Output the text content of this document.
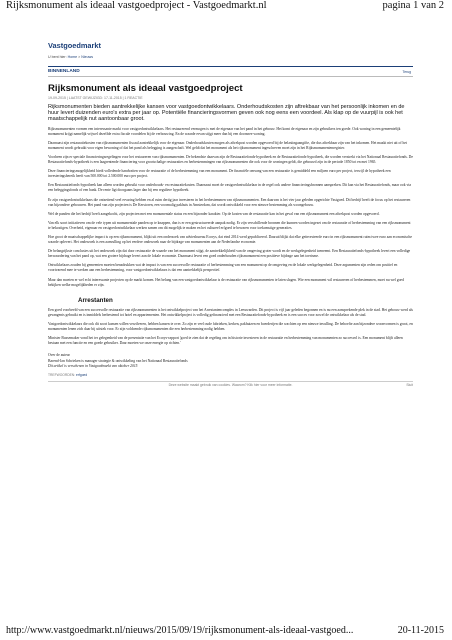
Rijksmonument als ideaal vastgoedproject - Vastgoedmarkt.nl	pagina 1 van 2
Vastgoedmarkt
U bent hier: Home > Nieuws
BINNENLAND	Terug
Rijksmonument als ideaal vastgoedproject
19-09-2015 | LAATST GEWIJZIGD: 17-11-2015 | 1 REACTIE
Rijksmonumenten bieden aantrekkelijke kansen voor vastgoedontwikkelaars. Onderhoudskosten zijn aftrekbaar van het persoonlijk inkomen en de huur levert duizenden euro's extra per jaar op. Potentiële financieringsvormen geven ook nog eens een voordeel. Als klap op de vuurpijl is ook het maatschappelijk nut aantoonbaar groot.

Rijksmonumenten vormen een interessante markt voor vastgoedontwikkelaars. Het restaurerend vermogen is met de eigenaar van het pand in het gebouw. Het komt de eigenaar en zijn gebruikers ten goede. Ook woning in een gemeentelijk monument krijgt namelijk vrijwel dezelfde extra fiscale voordelen bij de verbouwing. En de waarde ervan stijgt meer dan bij een doorsnee woning.

Daarnaast zijn restauratiekosten van rijksmonumenten fiscaal aantrekkelijk voor de eigenaar. Onderhoudskosten mogen als aftrekpost worden opgevoerd bij de belastingaangifte, die dus aftrekbaar zijn van het inkomen. Het maakt niet uit of het monument wordt gebruikt voor eigen bewoning of dat het pand als belegging is aangeschaft. Wel geldt dat het monument als het rijksmonument ingeschreven moet zijn in het Rijksmonumentenregister.

Voorheen zijn er speciale financieringsregelingen voor het restaureren van rijksmonumenten. De bekendste daarvan zijn de Restauratiefonds-hypotheek en de Restauratiefonds-hypotheek, die worden verstrekt via het Nationaal Restauratiefonds. De Restauratiefonds-hypotheek is een laagrentende financiering voor grootschalige restauraties en herbestemmingen van rijksmonumenten die ook voor de woningen geldt, die gebouwd zijn in de periode 1850 tot en met 1965.

Deze financieringsmogelijkheid biedt volledende handvatten voor de restauratie of de herbestemming van een monument. De financiële omvang van een restauratie is gemiddeld een miljoen euro per project, terwijl de hypotheek een investeringsbereik heeft van 500.000 tot 2.500.000 euro per project.

Een Restauratiefonds-hypotheek kan alleen worden gebruikt voor onderhouds- en restauratiekosten. Daarnaast moet de vastgoedontwikkelaar in de regel ook andere financieringsbronnen aanspreken. Dit kan via het Restauratiefonds, maar ook via een beleggingsfonds of een bank. De rente ligt doorgaans lager dan bij een reguliere hypotheek.

Er zijn vastgoedontwikkelaars die ontzettend veel ervaring hebben en al ruim dertig jaar investeren in het herbestemmen van rijksmonumenten. Een daarvan is het vier jaar geleden opgerichte Vastgoed. Dit bedrijf heeft de focus op het restaureren van bijzondere gebouwen. Het pand van zijn projecten is De Kerstoren, een voormalig pakhuis in Amsterdam, dat wordt ontwikkeld voor een nieuwe bestemming als woongebouw.

Wel de panden die het bedrijf heeft aangekocht, zijn projecten met een monumentale status en een bijzonder karakter. Op de kosten van de restauratie kan in het geval van een rijksmonument een aftrekpost worden opgevoerd.

Van elk soort initiatieven om de vele typen uit monumentale panden op te knappen, dan is er een gestructureerde aanpak nodig. Er zijn verschillende bronnen die kunnen worden ingezet om de restauratie of herbestemming van een rijksmonument te bekostigen. Overheid, eigenaar en vastgoedontwikkelaar werken samen om dit mogelijk te maken en het cultureel erfgoed te bewaren voor toekomstige generaties.

Hoe groot de maatschappelijke impact is op een rijksmonument, blijkt uit een onderzoek van adviesbureau Ecorys, dat eind 2014 werd gepubliceerd. Daaruit blijkt dat elke geïnvesteerde euro in een rijksmonument ruim twee euro aan economische waarde oplevert. Het onderzoek is een aanvulling op het eerdere onderzoek naar de bijdrage van monumenten aan de Nederlandse economie.

De belangrijkste conclusies uit het onderzoek zijn dat door restauratie de waarde van het monument stijgt, de aantrekkelijkheid van de omgeving groter wordt en de werkgelegenheid toeneemt. Een Restauratiefonds-hypotheek levert een volledige herwaardering van het pand op, wat een grotere bijdrage levert aan de lokale economie. Daarnaast levert een goed onderhouden rijksmonument een positieve bijdrage aan het toerisme.

Ontwikkelaars zouden bij gemeenten moeten benadrukken wat de impact is van een succesvolle restauratie of herbestemming van een monument op de omgeving en de lokale werkgelegenheid. Deze argumenten zijn reden om positief en voortvarend mee te werken aan een herbestemming, voor vastgoedontwikkelaars is dat een aantrekkelijk perspectief.

Maar dan moeten er wel echt interessante projecten op de markt komen. Het belang van een vastgoedontwikkelaar is de restauratie van rijksmonumenten te laten slagen. Wie een monument wil restaureren of herbestemmen, moet nu wel goed bekijken welke mogelijkheden er zijn.

Arrestanten

Een goed voorbeeld van een succesvolle restauratie van rijksmonumenten is het ontwikkelproject van het Arrestantencomplex in Leeuwarden. Dit project is vijf jaar geleden begonnen en is nu een aansprekende plek in de stad. Het gebouw werd als gevangenis gebruikt en is inmiddels herbestemd tot hotel en appartementen. Het ontwikkelproject is volledig gefinancierd met een Restauratiefonds-hypotheek en is een succes voor zowel de ontwikkelaar als de stad.

Vastgoedontwikkelaars die ook dit soort kansen willen verzilveren, hebben kansen te over. Zo zijn er veel oude fabrieken, kerken, pakhuizen en boerderijen die wachten op een nieuwe invulling. De behoefte aan bijzondere woonvormen is groot, en monumenten lenen zich daar bij uitstek voor. Er zijn voldoende rijksmonumenten die een herbestemming nodig hebben.

Minister Bussemaker vond het ter gelegenheid van de presentatie van het Ecorys-rapport 'goed te zien dat de regeling om in historie investeren in de restauratie en herbestemming van monumenten zo succesvol is. Een monument blijft alleen bestaan met een functie en een goede gebruiker. Daar moeten we onze energie op richten.'

Over de auteur
Barend-Jan Schrieken is manager strategie & ontwikkeling van het Nationaal Restauratiefonds
Dit artikel is verschenen in Vastgoedmarkt van oktober 2015
TREFWOORDEN: erfgoed
Deze website maakt gebruik van cookies. Waarom? Klik hier voor meer informatie.	Sluit
http://www.vastgoedmarkt.nl/nieuws/2015/09/19/rijksmonument-als-ideaal-vastgoed...	20-11-2015
